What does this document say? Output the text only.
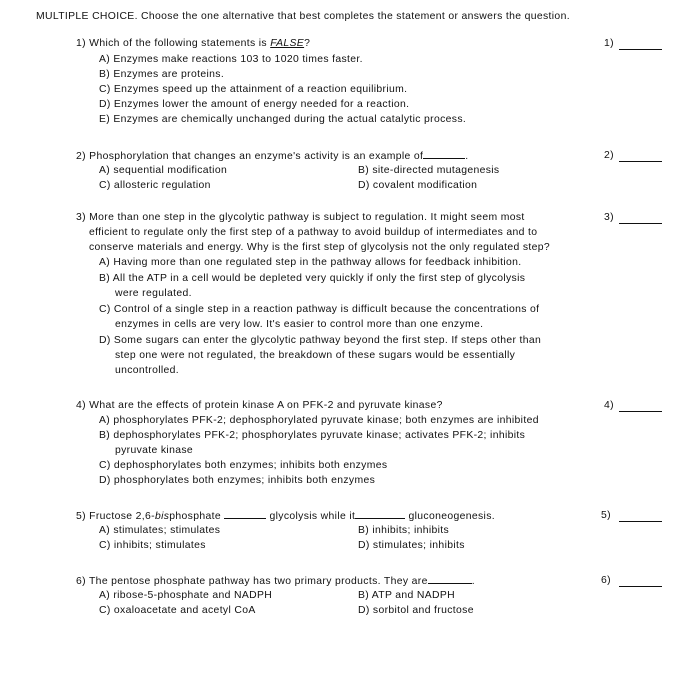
MULTIPLE CHOICE. Choose the one alternative that best completes the statement or answers the question.
1) Which of the following statements is FALSE?	1)
A) Enzymes make reactions 103 to 1020 times faster.
B) Enzymes are proteins.
C) Enzymes speed up the attainment of a reaction equilibrium.
D) Enzymes lower the amount of energy needed for a reaction.
E) Enzymes are chemically unchanged during the actual catalytic process.
2) Phosphorylation that changes an enzyme's activity is an example of	.	2)
A) sequential modification	B) site-directed mutagenesis
C) allosteric regulation	D) covalent modification
3) More than one step in the glycolytic pathway is subject to regulation. It might seem most
efficient to regulate only the first step of a pathway to avoid buildup of intermediates and to
conserve materials and energy. Why is the first step of glycolysis not the only regulated step?
3)
A) Having more than one regulated step in the pathway allows for feedback inhibition.
B) All the ATP in a cell would be depleted very quickly if only the first step of glycolysis
were regulated.
C) Control of a single step in a reaction pathway is difficult because the concentrations of
enzymes in cells are very low. It's easier to control more than one enzyme.
D) Some sugars can enter the glycolytic pathway beyond the first step. If steps other than
step one were not regulated, the breakdown of these sugars would be essentially
uncontrolled.
4) What are the effects of protein kinase A on PFK-2 and pyruvate kinase?	4)
A) phosphorylates PFK-2; dephosphorylated pyruvate kinase; both enzymes are inhibited
B) dephosphorylates PFK-2; phosphorylates pyruvate kinase; activates PFK-2; inhibits
pyruvate kinase
C) dephosphorylates both enzymes; inhibits both enzymes
D) phosphorylates both enzymes; inhibits both enzymes
5) Fructose 2,6-bisphosphate	glycolysis while it	gluconeogenesis.	5)
A) stimulates; stimulates	B) inhibits; inhibits
C) inhibits; stimulates	D) stimulates; inhibits
6) The pentose phosphate pathway has two primary products. They are	.	6)
A) ribose-5-phosphate and NADPH	B) ATP and NADPH
C) oxaloacetate and acetyl CoA	D) sorbitol and fructose
